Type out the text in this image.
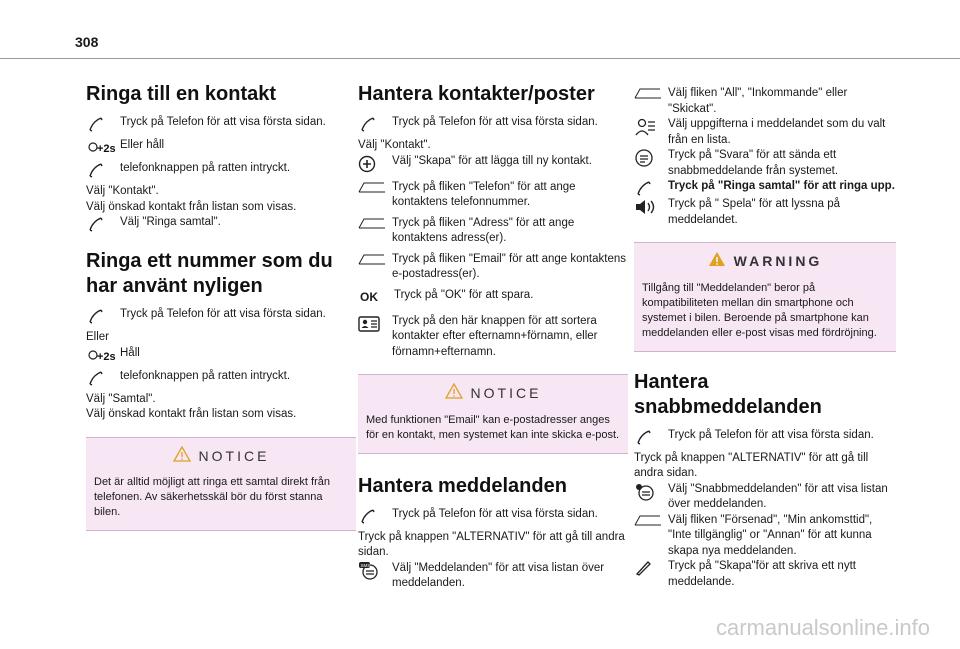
308
Ringa till en kontakt
Tryck på Telefon för att visa första sidan.
+2s Eller håll
telefonknappen på ratten intryckt.
Välj "Kontakt".
Välj önskad kontakt från listan som visas.
Välj "Ringa samtal".
Ringa ett nummer som du har använt nyligen
Tryck på Telefon för att visa första sidan.
Eller
+2s Håll
telefonknappen på ratten intryckt.
Välj "Samtal".
Välj önskad kontakt från listan som visas.
NOTICE
Det är alltid möjligt att ringa ett samtal direkt från telefonen. Av säkerhetsskäl bör du först stanna bilen.
Hantera kontakter/poster
Tryck på Telefon för att visa första sidan.
Välj "Kontakt".
Välj "Skapa" för att lägga till ny kontakt.
Tryck på fliken "Telefon" för att ange kontaktens telefonnummer.
Tryck på fliken "Adress" för att ange kontaktens adress(er).
Tryck på fliken "Email" för att ange kontaktens e-postadress(er).
OK	Tryck på "OK" för att spara.
Tryck på den här knappen för att sortera kontakter efter efternamn+förnamn, eller förnamn+efternamn.
NOTICE
Med funktionen "Email" kan e-postadresser anges för en kontakt, men systemet kan inte skicka e-post.
Hantera meddelanden
Tryck på Telefon för att visa första sidan.
Tryck på knappen "ALTERNATIV" för att gå till andra sidan.
SMS Välj "Meddelanden" för att visa listan över meddelanden.
Välj fliken "All", "Inkommande" eller "Skickat".
Välj uppgifterna i meddelandet som du valt från en lista.
Tryck på "Svara" för att sända ett snabbmeddelande från systemet.
Tryck på "Ringa samtal" för att ringa upp.
Tryck på " Spela" för att lyssna på meddelandet.
WARNING
Tillgång till "Meddelanden" beror på kompatibiliteten mellan din smartphone och systemet i bilen. Beroende på smartphone kan meddelanden eller e-post visas med fördröjning.
Hantera snabbmeddelanden
Tryck på Telefon för att visa första sidan.
Tryck på knappen "ALTERNATIV" för att gå till andra sidan.
Välj "Snabbmeddelanden" för att visa listan över meddelanden.
Välj fliken "Försenad", "Min ankomsttid", "Inte tillgänglig" or "Annan" för att kunna skapa nya meddelanden.
Tryck på "Skapa"för att skriva ett nytt meddelande.
carmanualsonline.info
